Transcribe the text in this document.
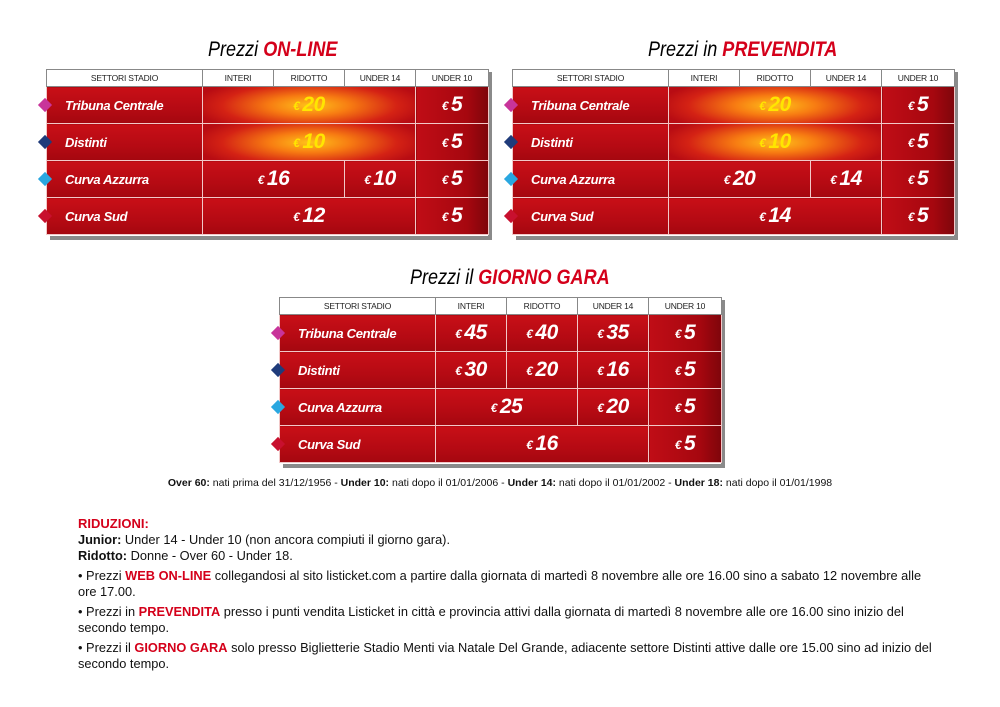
Prezzi ON-LINE
SETTORI STADIO	INTERI	RIDOTTO	UNDER 14	UNDER 10

Tribuna Centrale	€ 20			€ 5

Distinti	€ 10			€ 5

Curva Azzurra	€ 16		€ 10	€ 5

Curva Sud	€ 12			€ 5
Prezzi in PREVENDITA
SETTORI STADIO	INTERI	RIDOTTO	UNDER 14	UNDER 10

Tribuna Centrale	€ 20			€ 5

Distinti	€ 10			€ 5

Curva Azzurra	€ 20		€ 14	€ 5

Curva Sud	€ 14			€ 5
Prezzi il GIORNO GARA
SETTORI STADIO	INTERI	RIDOTTO	UNDER 14	UNDER 10

Tribuna Centrale	€ 45	€ 40	€ 35	€ 5

Distinti	€ 30	€ 20	€ 16	€ 5

Curva Azzurra	€ 25		€ 20	€ 5

Curva Sud	€ 16			€ 5
Over 60: nati prima del 31/12/1956 - Under 10: nati dopo il 01/01/2006 - Under 14: nati dopo il 01/01/2002 - Under 18: nati dopo il 01/01/1998

RIDUZIONI:

Junior: Under 14 - Under 10 (non ancora compiuti il giorno gara).

Ridotto: Donne - Over 60 - Under 18.

• Prezzi WEB ON-LINE collegandosi al sito listicket.com a partire dalla giornata di martedì 8 novembre alle ore 16.00 sino a sabato 12 novembre alle ore 17.00.

• Prezzi in PREVENDITA presso i punti vendita Listicket in città e provincia attivi dalla giornata di martedì 8 novembre alle ore 16.00 sino inizio del secondo tempo.

• Prezzi il GIORNO GARA solo presso Biglietterie Stadio Menti via Natale Del Grande, adiacente settore Distinti attive dalle ore 15.00 sino ad inizio del secondo tempo.
